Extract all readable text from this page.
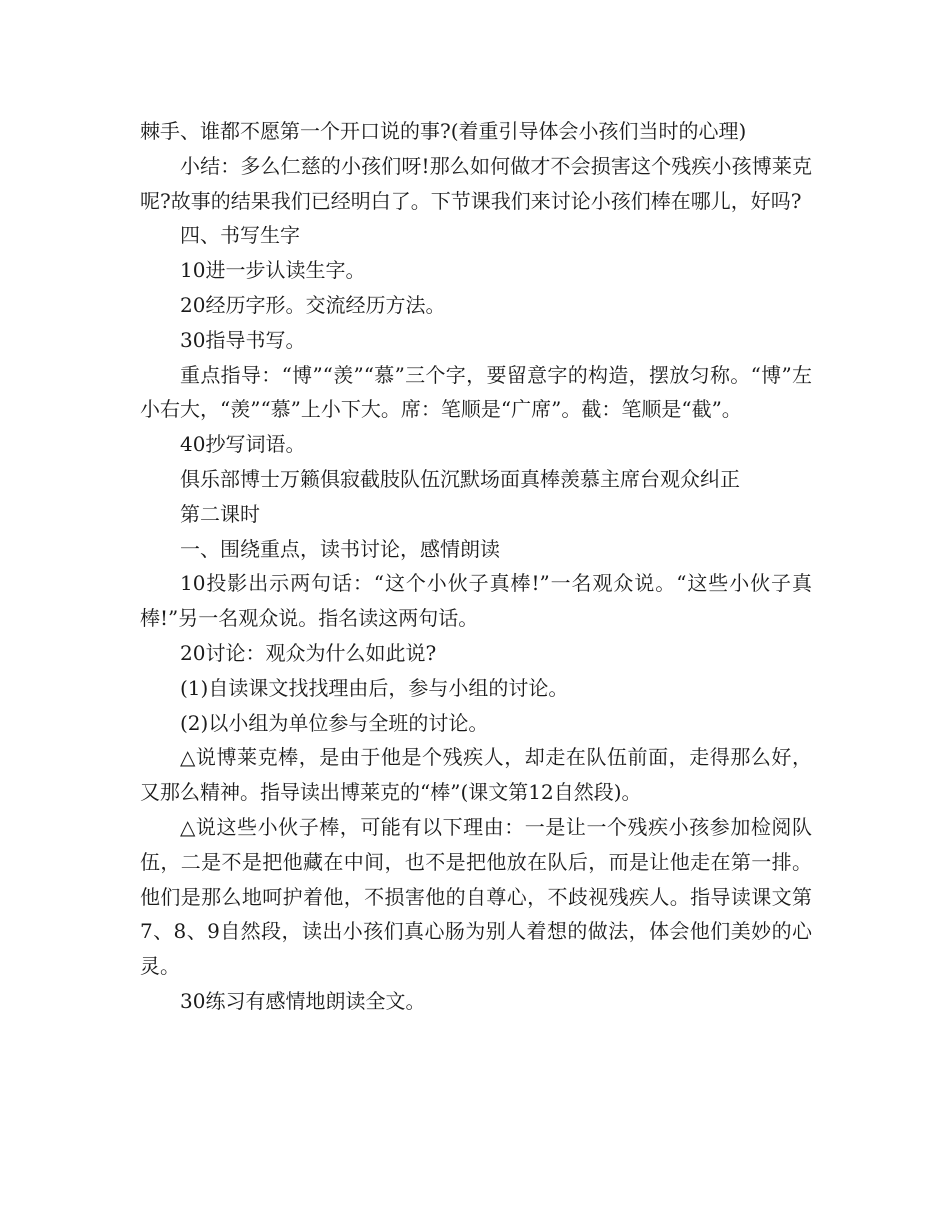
棘手、谁都不愿第一个开口说的事?(着重引导体会小孩们当时的心理)

小结：多么仁慈的小孩们呀!那么如何做才不会损害这个残疾小孩博莱克呢?故事的结果我们已经明白了。下节课我们来讨论小孩们棒在哪儿，好吗?

四、书写生字

10进一步认读生字。

20经历字形。交流经历方法。

30指导书写。

重点指导：“博”“羡”“慕”三个字，要留意字的构造，摆放匀称。“博”左小右大，“羡”“慕”上小下大。席：笔顺是“广席”。截：笔顺是“截”。

40抄写词语。

俱乐部博士万籁俱寂截肢队伍沉默场面真棒羡慕主席台观众纠正

第二课时

一、围绕重点，读书讨论，感情朗读

10投影出示两句话：“这个小伙子真棒!”一名观众说。“这些小伙子真棒!”另一名观众说。指名读这两句话。

20讨论：观众为什么如此说?

(1)自读课文找找理由后，参与小组的讨论。

(2)以小组为单位参与全班的讨论。

△说博莱克棒，是由于他是个残疾人，却走在队伍前面，走得那么好，又那么精神。指导读出博莱克的“棒”(课文第12自然段)。

△说这些小伙子棒，可能有以下理由：一是让一个残疾小孩参加检阅队伍，二是不是把他藏在中间，也不是把他放在队后，而是让他走在第一排。他们是那么地呵护着他，不损害他的自尊心，不歧视残疾人。指导读课文第7、8、9自然段，读出小孩们真心肠为别人着想的做法，体会他们美妙的心灵。

30练习有感情地朗读全文。
